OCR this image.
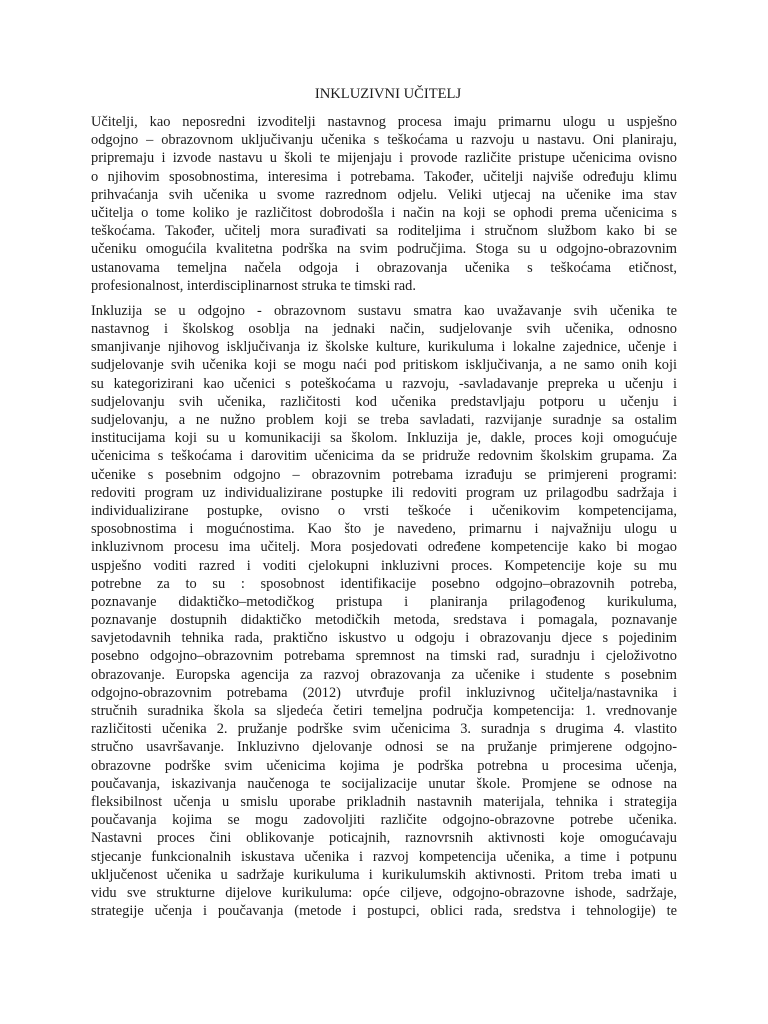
INKLUZIVNI UČITELJ
Učitelji, kao neposredni izvoditelji nastavnog procesa imaju primarnu ulogu u uspješno
odgojno – obrazovnom uključivanju učenika s teškoćama u razvoju u nastavu. Oni planiraju,
pripremaju i izvode nastavu u školi te mijenjaju i provode različite pristupe učenicima ovisno
o njihovim sposobnostima, interesima i potrebama. Također, učitelji najviše određuju klimu
prihvaćanja svih učenika u svome razrednom odjelu. Veliki utjecaj na učenike ima stav
učitelja o tome koliko je različitost dobrodošla i način na koji se ophodi prema učenicima s
teškoćama. Također, učitelj mora surađivati sa roditeljima i stručnom službom kako bi se
učeniku omogućila kvalitetna podrška na svim područjima. Stoga su u odgojno-obrazovnim
ustanovama temeljna načela odgoja i obrazovanja učenika s teškoćama etičnost,
profesionalnost, interdisciplinarnost struka te timski rad.
Inkluzija se u odgojno - obrazovnom sustavu smatra kao uvažavanje svih učenika te
nastavnog i školskog osoblja na jednaki način, sudjelovanje svih učenika, odnosno
smanjivanje njihovog isključivanja iz školske kulture, kurikuluma i lokalne zajednice, učenje i
sudjelovanje svih učenika koji se mogu naći pod pritiskom isključivanja, a ne samo onih koji
su kategorizirani kao učenici s poteškoćama u razvoju, -savladavanje prepreka u učenju i
sudjelovanju svih učenika, različitosti kod učenika predstavljaju potporu u učenju i
sudjelovanju, a ne nužno problem koji se treba savladati, razvijanje suradnje sa ostalim
institucijama koji su u komunikaciji sa školom. Inkluzija je, dakle, proces koji omogućuje
učenicima s teškoćama i darovitim učenicima da se pridruže redovnim školskim grupama. Za
učenike s posebnim odgojno – obrazovnim potrebama izrađuju se primjereni programi:
redoviti program uz individualizirane postupke ili redoviti program uz prilagodbu sadržaja i
individualizirane postupke, ovisno o vrsti teškoće i učenikovim kompetencijama,
sposobnostima i mogućnostima. Kao što je navedeno, primarnu i najvažniju ulogu u
inkluzivnom procesu ima učitelj. Mora posjedovati određene kompetencije kako bi mogao
uspješno voditi razred i voditi cjelokupni inkluzivni proces. Kompetencije koje su mu
potrebne za to su : sposobnost identifikacije posebno odgojno–obrazovnih potreba,
poznavanje didaktičko–metodičkog pristupa i planiranja prilagođenog kurikuluma,
poznavanje dostupnih didaktičko metodičkih metoda, sredstava i pomagala, poznavanje
savjetodavnih tehnika rada, praktično iskustvo u odgoju i obrazovanju djece s pojedinim
posebno odgojno–obrazovnim potrebama spremnost na timski rad, suradnju i cjeloživotno
obrazovanje. Europska agencija za razvoj obrazovanja za učenike i studente s posebnim
odgojno-obrazovnim potrebama (2012) utvrđuje profil inkluzivnog učitelja/nastavnika i
stručnih suradnika škola sa sljedeća četiri temeljna područja kompetencija: 1. vrednovanje
različitosti učenika 2. pružanje podrške svim učenicima 3. suradnja s drugima 4. vlastito
stručno usavršavanje. Inkluzivno djelovanje odnosi se na pružanje primjerene odgojno-
obrazovne podrške svim učenicima kojima je podrška potrebna u procesima učenja,
poučavanja, iskazivanja naučenoga te socijalizacije unutar škole. Promjene se odnose na
fleksibilnost učenja u smislu uporabe prikladnih nastavnih materijala, tehnika i strategija
poučavanja kojima se mogu zadovoljiti različite odgojno-obrazovne potrebe učenika.
Nastavni proces čini oblikovanje poticajnih, raznovrsnih aktivnosti koje omogućavaju
stjecanje funkcionalnih iskustava učenika i razvoj kompetencija učenika, a time i potpunu
uključenost učenika u sadržaje kurikuluma i kurikulumskih aktivnosti. Pritom treba imati u
vidu sve strukturne dijelove kurikuluma: opće ciljeve, odgojno-obrazovne ishode, sadržaje,
strategije učenja i poučavanja (metode i postupci, oblici rada, sredstva i tehnologije) te
